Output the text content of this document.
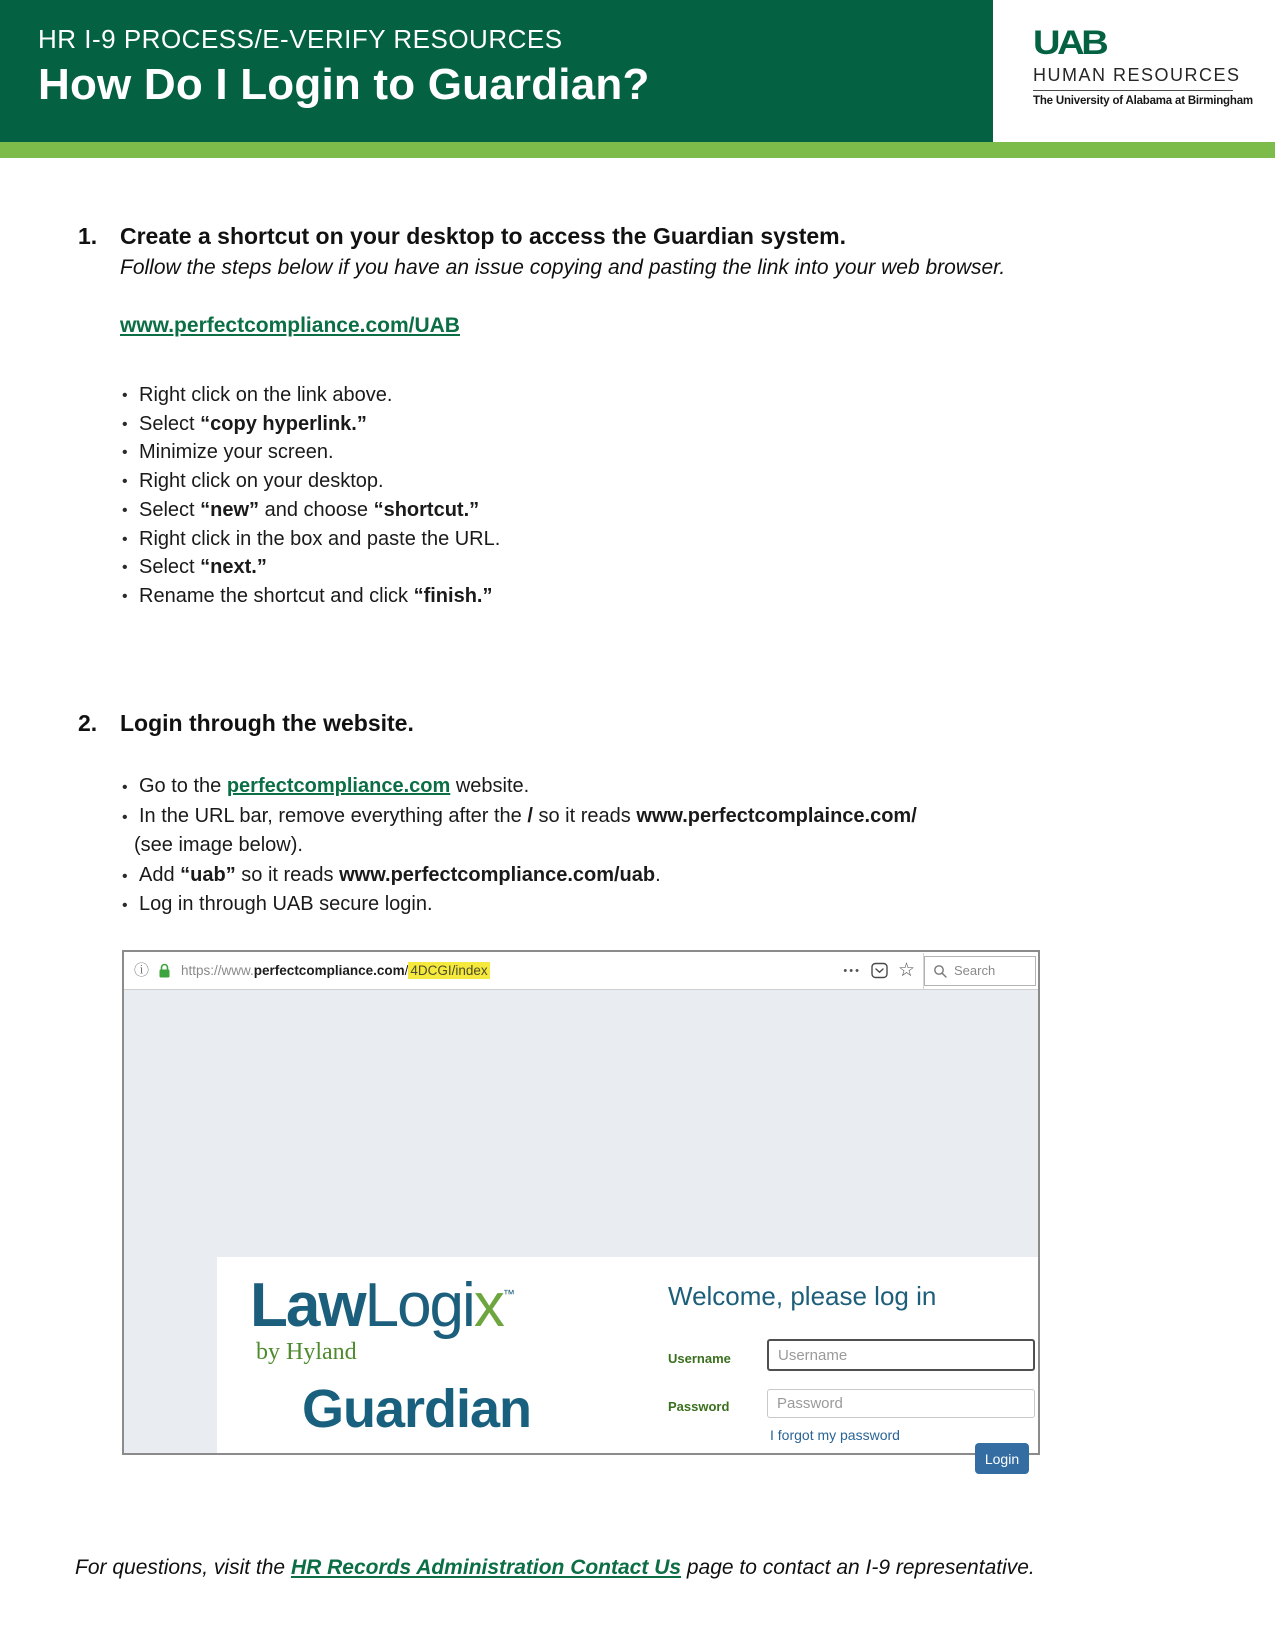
HR I-9 PROCESS/E-VERIFY RESOURCES
How Do I Login to Guardian?
UAB
HUMAN RESOURCES
The University of Alabama at Birmingham
1. Create a shortcut on your desktop to access the Guardian system.
Follow the steps below if you have an issue copying and pasting the link into your web browser.
www.perfectcompliance.com/UAB
• Right click on the link above.
• Select “copy hyperlink.”
• Minimize your screen.
• Right click on your desktop.
• Select “new” and choose “shortcut.”
• Right click in the box and paste the URL.
• Select “next.”
• Rename the shortcut and click “finish.”
2. Login through the website.
• Go to the perfectcompliance.com website.
• In the URL bar, remove everything after the / so it reads www.perfectcomplaince.com/
(see image below).
• Add “uab” so it reads www.perfectcompliance.com/uab.
• Log in through UAB secure login.
ⓘ https://www.perfectcompliance.com/ 4DCGI/index	••• ☆	Search
LawLogix™
by Hyland
Guardian
Welcome, please log in
Username
Username
Password
Password
I forgot my password
Login
For questions, visit the HR Records Administration Contact Us page to contact an I-9 representative.
